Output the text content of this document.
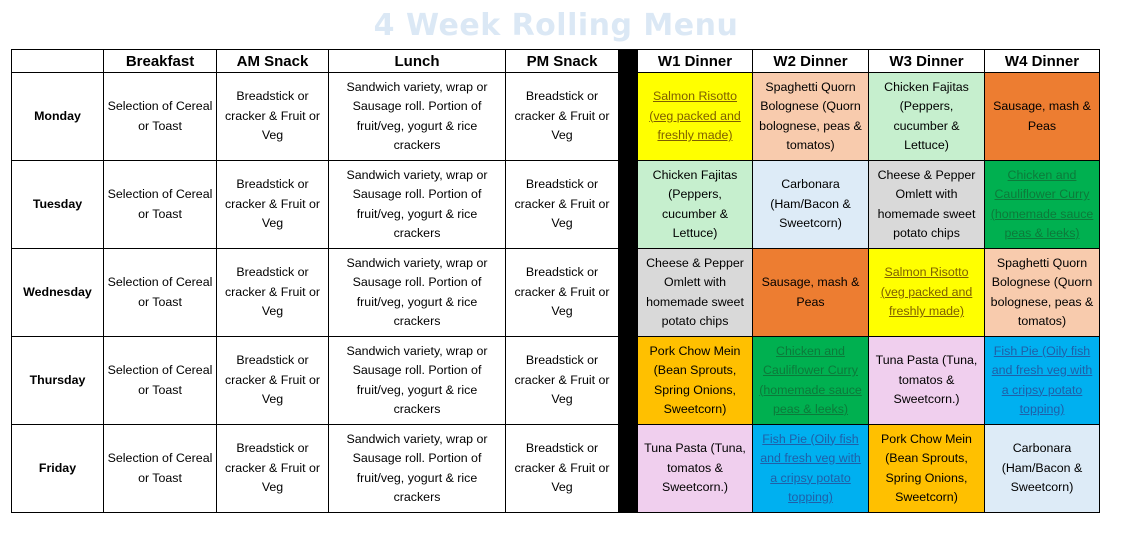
4 Week Rolling Menu
	Breakfast	AM Snack	Lunch	PM Snack		W1 Dinner	W2 Dinner	W3 Dinner	W4 Dinner
Monday	Selection of Cereal or Toast	Breadstick or cracker & Fruit or Veg	Sandwich variety, wrap or Sausage roll. Portion of fruit/veg, yogurt & rice crackers	Breadstick or cracker & Fruit or Veg		Salmon Risotto (veg packed and freshly made)	Spaghetti Quorn Bolognese (Quorn bolognese, peas & tomatos)	Chicken Fajitas (Peppers, cucumber & Lettuce)	Sausage, mash & Peas
Tuesday	Selection of Cereal or Toast	Breadstick or cracker & Fruit or Veg	Sandwich variety, wrap or Sausage roll. Portion of fruit/veg, yogurt & rice crackers	Breadstick or cracker & Fruit or Veg		Chicken Fajitas (Peppers, cucumber & Lettuce)	Carbonara (Ham/Bacon & Sweetcorn)	Cheese & Pepper Omlett with homemade sweet potato chips	Chicken and Cauliflower Curry (homemade sauce peas & leeks)
Wednesday	Selection of Cereal or Toast	Breadstick or cracker & Fruit or Veg	Sandwich variety, wrap or Sausage roll. Portion of fruit/veg, yogurt & rice crackers	Breadstick or cracker & Fruit or Veg		Cheese & Pepper Omlett with homemade sweet potato chips	Sausage, mash & Peas	Salmon Risotto (veg packed and freshly made)	Spaghetti Quorn Bolognese (Quorn bolognese, peas & tomatos)
Thursday	Selection of Cereal or Toast	Breadstick or cracker & Fruit or Veg	Sandwich variety, wrap or Sausage roll. Portion of fruit/veg, yogurt & rice crackers	Breadstick or cracker & Fruit or Veg		Pork Chow Mein (Bean Sprouts, Spring Onions, Sweetcorn)	Chicken and Cauliflower Curry (homemade sauce peas & leeks)	Tuna Pasta (Tuna, tomatos & Sweetcorn.)	Fish Pie (Oily fish and fresh veg with a cripsy potato topping)
Friday	Selection of Cereal or Toast	Breadstick or cracker & Fruit or Veg	Sandwich variety, wrap or Sausage roll. Portion of fruit/veg, yogurt & rice crackers	Breadstick or cracker & Fruit or Veg		Tuna Pasta (Tuna, tomatos & Sweetcorn.)	Fish Pie (Oily fish and fresh veg with a cripsy potato topping)	Pork Chow Mein (Bean Sprouts, Spring Onions, Sweetcorn)	Carbonara (Ham/Bacon & Sweetcorn)
